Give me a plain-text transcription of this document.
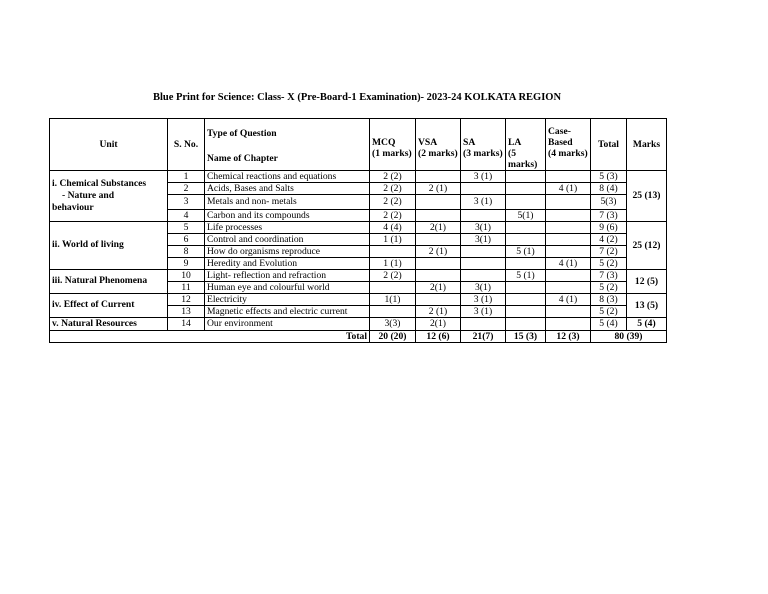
Blue Print for Science: Class- X (Pre-Board-1 Examination)- 2023-24 KOLKATA REGION
Unit	S. No.	Type of Question	MCQ	VSA	SA	LA	Case-Based	Total	Marks
		Name of Chapter	(1 marks)	(2 marks)	(3 marks)	(5 marks)	(4 marks)		
i. Chemical Substances

- Nature and
behaviour	1	Chemical reactions and equations	2 (2)		3 (1)			5 (3)	25 (13)
	2	Acids, Bases and Salts	2 (2)	2 (1)			4 (1)	8 (4)	
	3	Metals and non- metals	2 (2)		3 (1)			5(3)	
	4	Carbon and its compounds	2 (2)			5(1)		7 (3)	
ii. World of living	5	Life processes	4 (4)	2(1)	3(1)			9 (6)	25 (12)
	6	Control and coordination	1 (1)		3(1)			4 (2)	
	8	How do organisms reproduce		2 (1)		5 (1)		7 (2)	
	9	Heredity and Evolution	1 (1)				4 (1)	5 (2)	
iii. Natural Phenomena	10	Light- reflection and refraction	2 (2)			5 (1)		7 (3)	12 (5)
	11	Human eye and colourful world		2(1)	3(1)			5 (2)	
iv. Effect of Current	12	Electricity	1(1)		3 (1)		4 (1)	8 (3)	13 (5)
	13	Magnetic effects and electric current		2 (1)	3 (1)			5 (2)	
v. Natural Resources	14	Our environment	3(3)	2(1)				5 (4)	5 (4)
Total			20 (20)	12 (6)	21(7)	15 (3)	12 (3)	80 (39)	
